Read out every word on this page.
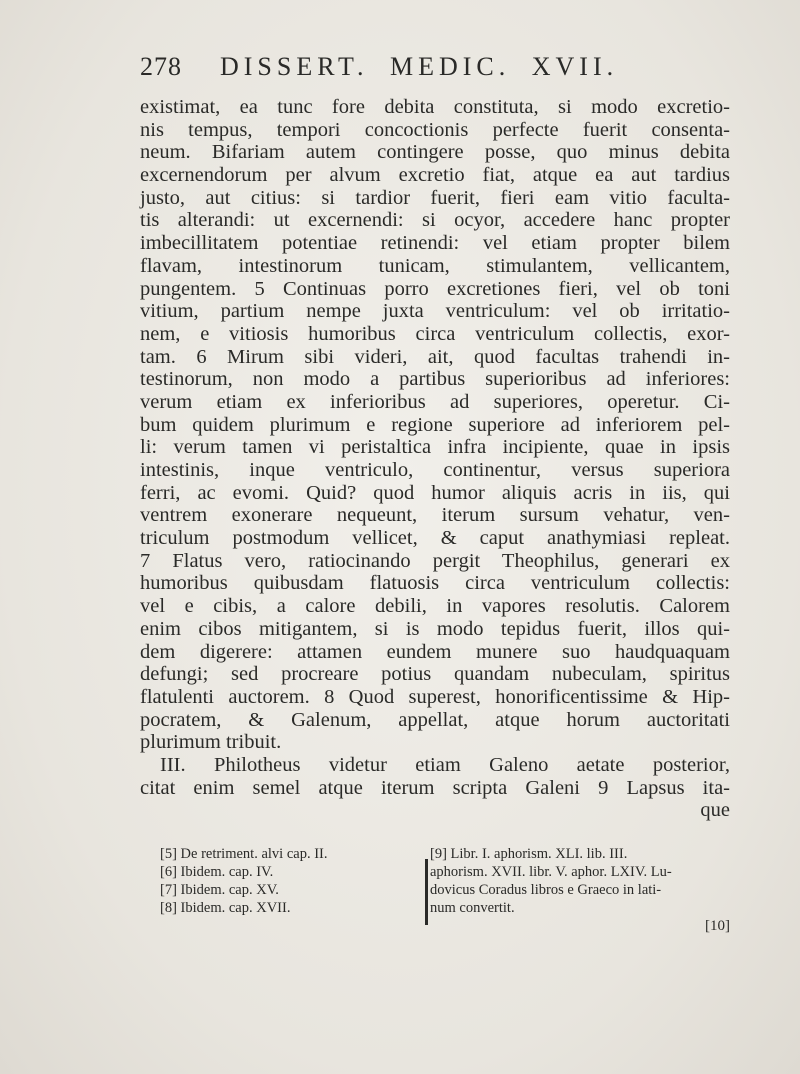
278 DISSERT. MEDIC. XVII.
existimat, ea tunc fore debita constituta, si modo excretio-
nis tempus, tempori concoctionis perfecte fuerit consenta-
neum. Bifariam autem contingere posse, quo minus debita
excernendorum per alvum excretio fiat, atque ea aut tardius
justo, aut citius: si tardior fuerit, fieri eam vitio faculta-
tis alterandi: ut excernendi: si ocyor, accedere hanc propter
imbecillitatem potentiae retinendi: vel etiam propter bilem
flavam, intestinorum tunicam, stimulantem, vellicantem,
pungentem. 5 Continuas porro excretiones fieri, vel ob toni
vitium, partium nempe juxta ventriculum: vel ob irritatio-
nem, e vitiosis humoribus circa ventriculum collectis, exor-
tam. 6 Mirum sibi videri, ait, quod facultas trahendi in-
testinorum, non modo a partibus superioribus ad inferiores:
verum etiam ex inferioribus ad superiores, operetur. Ci-
bum quidem plurimum e regione superiore ad inferiorem pel-
li: verum tamen vi peristaltica infra incipiente, quae in ipsis
intestinis, inque ventriculo, continentur, versus superiora
ferri, ac evomi. Quid? quod humor aliquis acris in iis, qui
ventrem exonerare nequeunt, iterum sursum vehatur, ven-
triculum postmodum vellicet, & caput anathymiasi repleat.
7 Flatus vero, ratiocinando pergit Theophilus, generari ex
humoribus quibusdam flatuosis circa ventriculum collectis:
vel e cibis, a calore debili, in vapores resolutis. Calorem
enim cibos mitigantem, si is modo tepidus fuerit, illos qui-
dem digerere: attamen eundem munere suo haudquaquam
defungi; sed procreare potius quandam nubeculam, spiritus
flatulenti auctorem. 8 Quod superest, honorificentissime & Hip-
pocratem, & Galenum, appellat, atque horum auctoritati
plurimum tribuit.
III. Philotheus videtur etiam Galeno aetate posterior,
citat enim semel atque iterum scripta Galeni 9 Lapsus ita-
que
[5] De retriment. alvi cap. II.
[6] Ibidem. cap. IV.
[7] Ibidem. cap. XV.
[8] Ibidem. cap. XVII.
[9] Libr. I. aphorism. XLI. lib. III.
aphorism. XVII. libr. V. aphor. LXIV. Lu-
dovicus Coradus libros e Graeco in lati-
num convertit.
[10]
